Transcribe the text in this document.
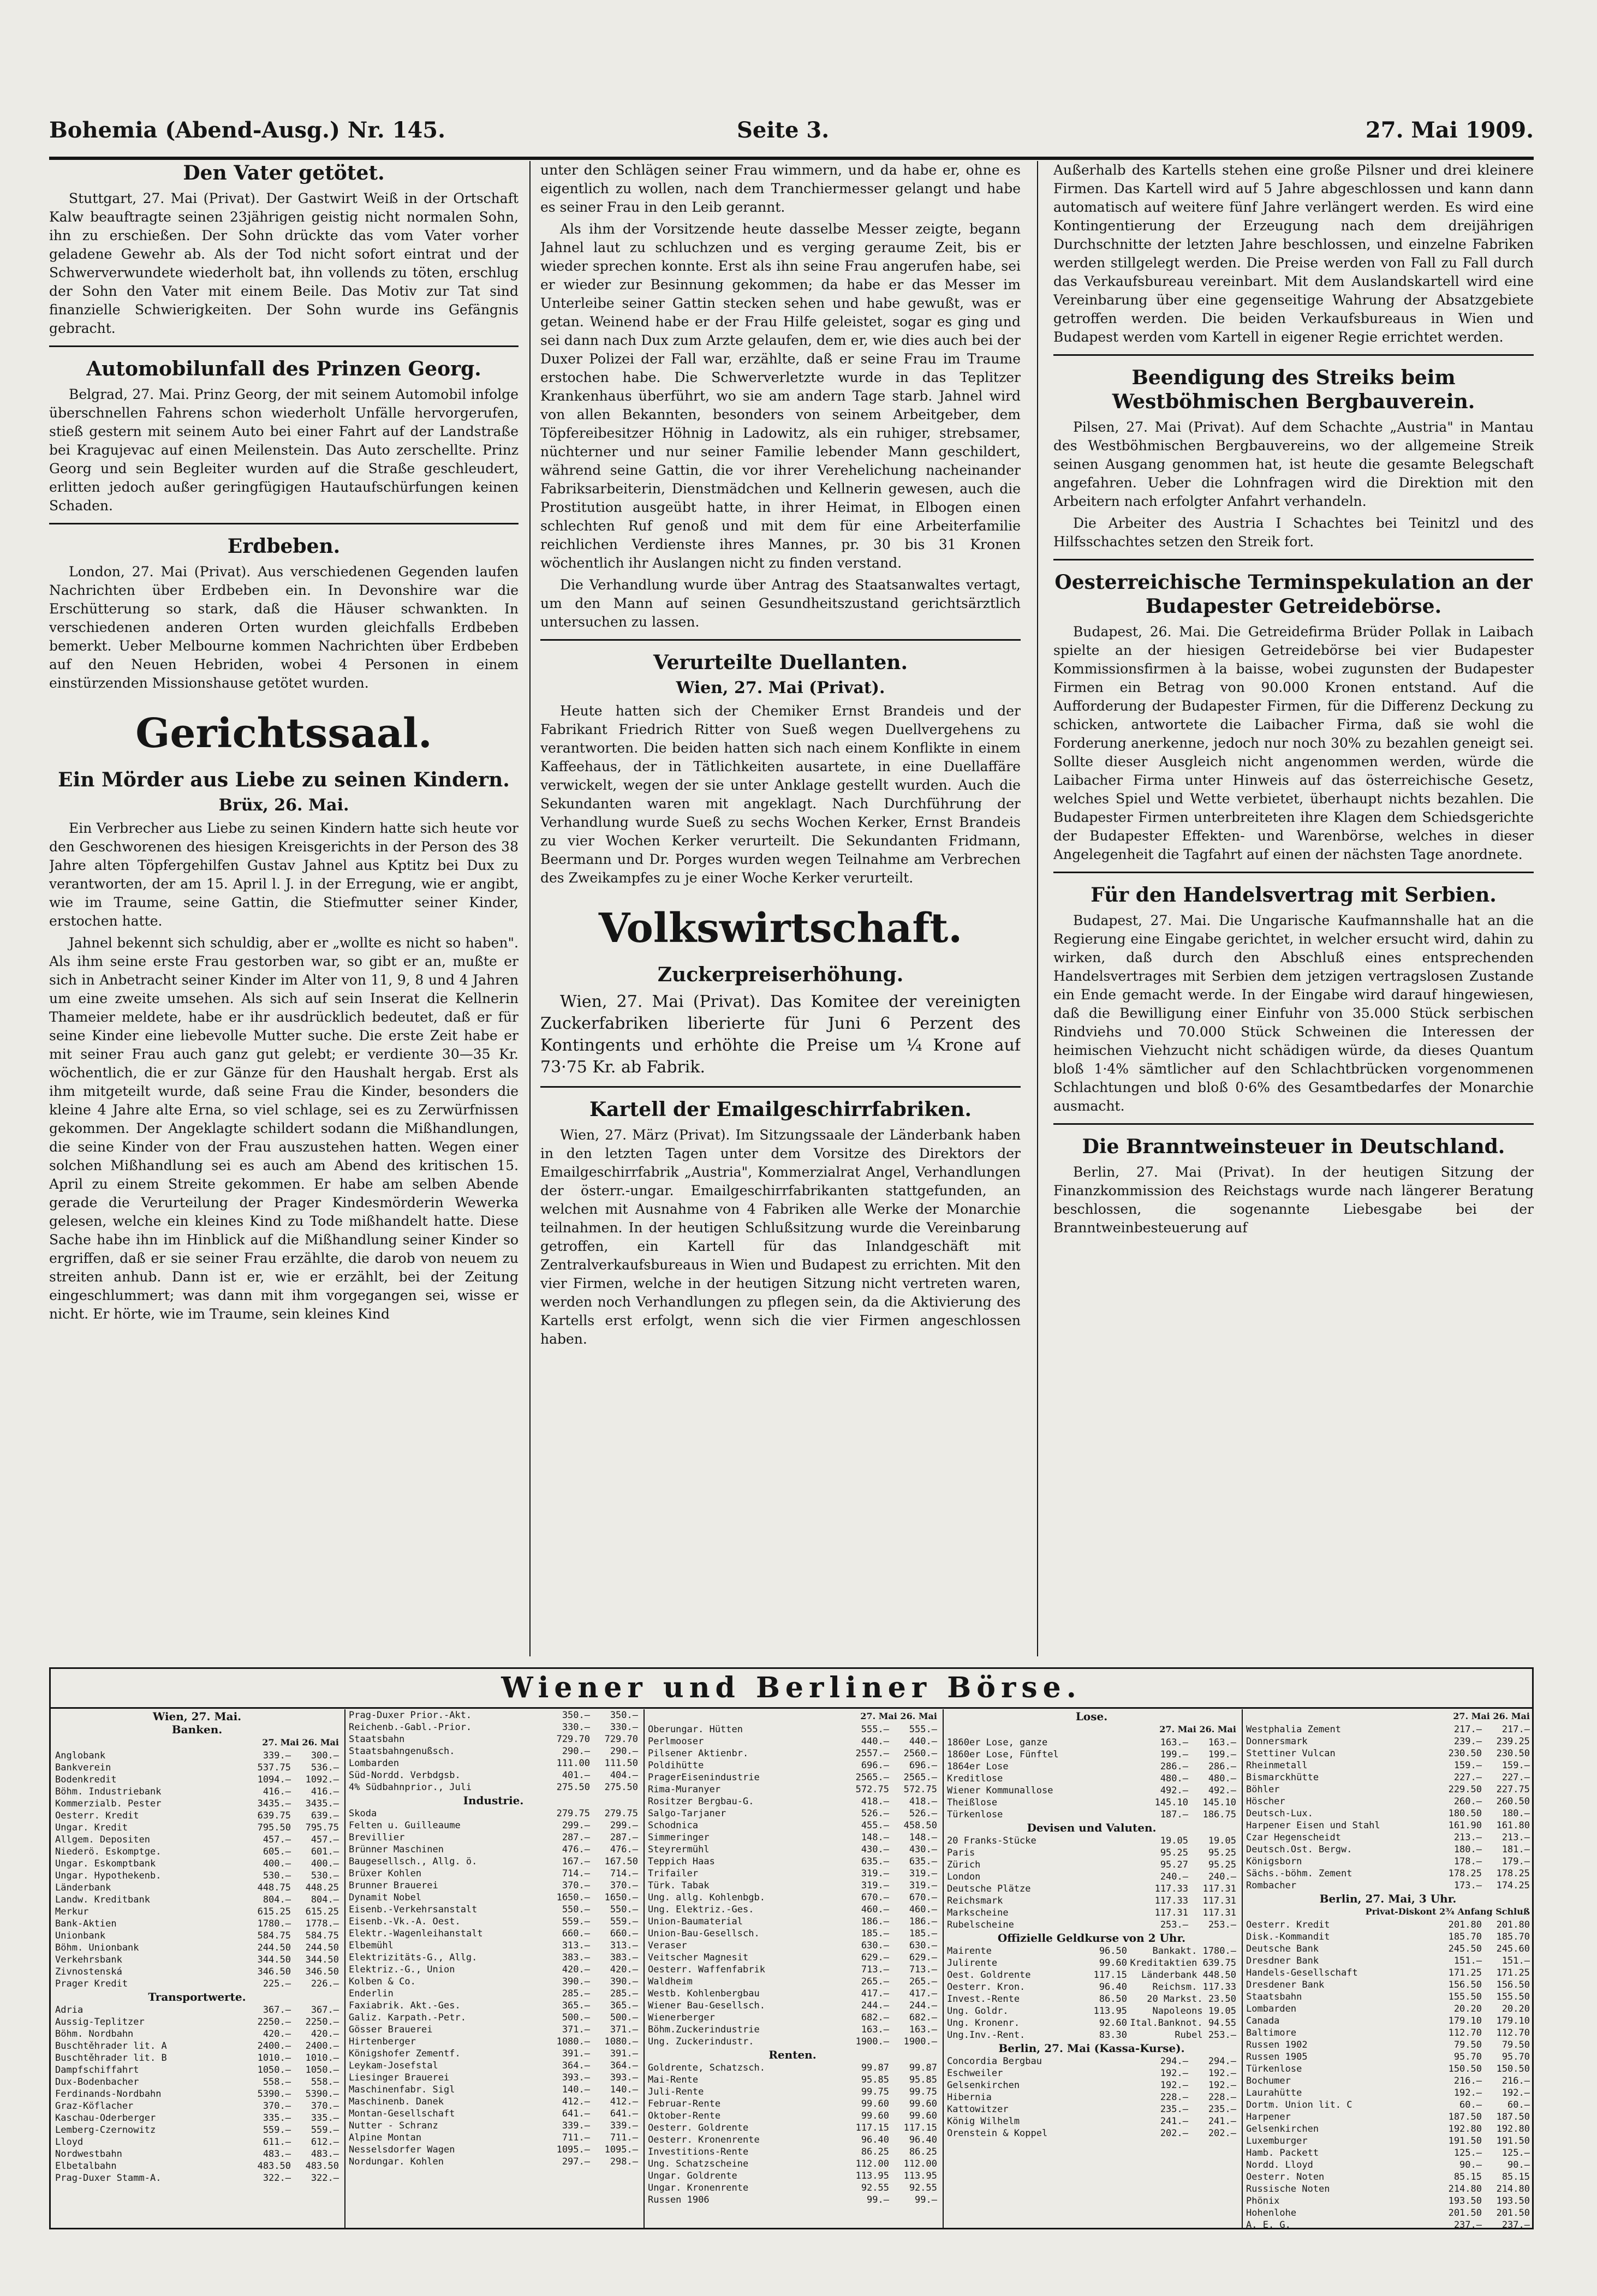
Bohemia (Abend-Ausg.) Nr. 145.	Seite 3.	27. Mai 1909.
Den Vater getötet.

Stuttgart, 27. Mai (Privat). Der Gastwirt Weiß in der Ortschaft Kalw beauftragte seinen 23jährigen geistig nicht normalen Sohn, ihn zu erschießen. Der Sohn drückte das vom Vater vorher geladene Gewehr ab. Als der Tod nicht sofort eintrat und der Schwerverwundete wiederholt bat, ihn vollends zu töten, erschlug der Sohn den Vater mit einem Beile. Das Motiv zur Tat sind finanzielle Schwierigkeiten. Der Sohn wurde ins Gefängnis gebracht.

Automobilunfall des Prinzen Georg.

Belgrad, 27. Mai. Prinz Georg, der mit seinem Automobil infolge überschnellen Fahrens schon wiederholt Unfälle hervorgerufen, stieß gestern mit seinem Auto bei einer Fahrt auf der Landstraße bei Kragujevac auf einen Meilenstein. Das Auto zerschellte. Prinz Georg und sein Begleiter wurden auf die Straße geschleudert, erlitten jedoch außer geringfügigen Hautaufschürfungen keinen Schaden.

Erdbeben.

London, 27. Mai (Privat). Aus verschiedenen Gegenden laufen Nachrichten über Erdbeben ein. In Devonshire war die Erschütterung so stark, daß die Häuser schwankten. In verschiedenen anderen Orten wurden gleichfalls Erdbeben bemerkt. Ueber Melbourne kommen Nachrichten über Erdbeben auf den Neuen Hebriden, wobei 4 Personen in einem einstürzenden Missionshause getötet wurden.

Gerichtssaal.
Ein Mörder aus Liebe zu seinen Kindern.
Brüx, 26. Mai.

Ein Verbrecher aus Liebe zu seinen Kindern hatte sich heute vor den Geschworenen des hiesigen Kreisgerichts in der Person des 38 Jahre alten Töpfergehilfen Gustav Jahnel aus Kptitz bei Dux zu verantworten, der am 15. April l. J. in der Erregung, wie er angibt, wie im Traume, seine Gattin, die Stiefmutter seiner Kinder, erstochen hatte.

Jahnel bekennt sich schuldig, aber er „wollte es nicht so haben". Als ihm seine erste Frau gestorben war, so gibt er an, mußte er sich in Anbetracht seiner Kinder im Alter von 11, 9, 8 und 4 Jahren um eine zweite umsehen. Als sich auf sein Inserat die Kellnerin Thameier meldete, habe er ihr ausdrücklich bedeutet, daß er für seine Kinder eine liebevolle Mutter suche. Die erste Zeit habe er mit seiner Frau auch ganz gut gelebt; er verdiente 30—35 Kr. wöchentlich, die er zur Gänze für den Haushalt hergab. Erst als ihm mitgeteilt wurde, daß seine Frau die Kinder, besonders die kleine 4 Jahre alte Erna, so viel schlage, sei es zu Zerwürfnissen gekommen. Der Angeklagte schildert sodann die Mißhandlungen, die seine Kinder von der Frau auszustehen hatten. Wegen einer solchen Mißhandlung sei es auch am Abend des kritischen 15. April zu einem Streite gekommen. Er habe am selben Abende gerade die Verurteilung der Prager Kindesmörderin Wewerka gelesen, welche ein kleines Kind zu Tode mißhandelt hatte. Diese Sache habe ihn im Hinblick auf die Mißhandlung seiner Kinder so ergriffen, daß er sie seiner Frau erzählte, die darob von neuem zu streiten anhub. Dann ist er, wie er erzählt, bei der Zeitung eingeschlummert; was dann mit ihm vorgegangen sei, wisse er nicht. Er hörte, wie im Traume, sein kleines Kind

unter den Schlägen seiner Frau wimmern, und da habe er, ohne es eigentlich zu wollen, nach dem Tranchiermesser gelangt und habe es seiner Frau in den Leib gerannt.

Als ihm der Vorsitzende heute dasselbe Messer zeigte, begann Jahnel laut zu schluchzen und es verging geraume Zeit, bis er wieder sprechen konnte. Erst als ihn seine Frau angerufen habe, sei er wieder zur Besinnung gekommen; da habe er das Messer im Unterleibe seiner Gattin stecken sehen und habe gewußt, was er getan. Weinend habe er der Frau Hilfe geleistet, sogar es ging und sei dann nach Dux zum Arzte gelaufen, dem er, wie dies auch bei der Duxer Polizei der Fall war, erzählte, daß er seine Frau im Traume erstochen habe. Die Schwerverletzte wurde in das Teplitzer Krankenhaus überführt, wo sie am andern Tage starb. Jahnel wird von allen Bekannten, besonders von seinem Arbeitgeber, dem Töpfereibesitzer Höhnig in Ladowitz, als ein ruhiger, strebsamer, nüchterner und nur seiner Familie lebender Mann geschildert, während seine Gattin, die vor ihrer Verehelichung nacheinander Fabriksarbeiterin, Dienstmädchen und Kellnerin gewesen, auch die Prostitution ausgeübt hatte, in ihrer Heimat, in Elbogen einen schlechten Ruf genoß und mit dem für eine Arbeiterfamilie reichlichen Verdienste ihres Mannes, pr. 30 bis 31 Kronen wöchentlich ihr Auslangen nicht zu finden verstand.

Die Verhandlung wurde über Antrag des Staatsanwaltes vertagt, um den Mann auf seinen Gesundheitszustand gerichtsärztlich untersuchen zu lassen.

Verurteilte Duellanten.
Wien, 27. Mai (Privat).

Heute hatten sich der Chemiker Ernst Brandeis und der Fabrikant Friedrich Ritter von Sueß wegen Duellvergehens zu verantworten. Die beiden hatten sich nach einem Konflikte in einem Kaffeehaus, der in Tätlichkeiten ausartete, in eine Duellaffäre verwickelt, wegen der sie unter Anklage gestellt wurden. Auch die Sekundanten waren mit angeklagt. Nach Durchführung der Verhandlung wurde Sueß zu sechs Wochen Kerker, Ernst Brandeis zu vier Wochen Kerker verurteilt. Die Sekundanten Fridmann, Beermann und Dr. Porges wurden wegen Teilnahme am Verbrechen des Zweikampfes zu je einer Woche Kerker verurteilt.

Volkswirtschaft.
Zuckerpreiserhöhung.

Wien, 27. Mai (Privat). Das Komitee der vereinigten Zuckerfabriken liberierte für Juni 6 Perzent des Kontingents und erhöhte die Preise um ¼ Krone auf 73·75 Kr. ab Fabrik.

Kartell der Emailgeschirrfabriken.

Wien, 27. März (Privat). Im Sitzungssaale der Länderbank haben in den letzten Tagen unter dem Vorsitze des Direktors der Emailgeschirrfabrik „Austria", Kommerzialrat Angel, Verhandlungen der österr.-ungar. Emailgeschirrfabrikanten stattgefunden, an welchen mit Ausnahme von 4 Fabriken alle Werke der Monarchie teilnahmen. In der heutigen Schlußsitzung wurde die Vereinbarung getroffen, ein Kartell für das Inlandgeschäft mit Zentralverkaufsbureaus in Wien und Budapest zu errichten. Mit den vier Firmen, welche in der heutigen Sitzung nicht vertreten waren, werden noch Verhandlungen zu pflegen sein, da die Aktivierung des Kartells erst erfolgt, wenn sich die vier Firmen angeschlossen haben.

Außerhalb des Kartells stehen eine große Pilsner und drei kleinere Firmen. Das Kartell wird auf 5 Jahre abgeschlossen und kann dann automatisch auf weitere fünf Jahre verlängert werden. Es wird eine Kontingentierung der Erzeugung nach dem dreijährigen Durchschnitte der letzten Jahre beschlossen, und einzelne Fabriken werden stillgelegt werden. Die Preise werden von Fall zu Fall durch das Verkaufsbureau vereinbart. Mit dem Auslandskartell wird eine Vereinbarung über eine gegenseitige Wahrung der Absatzgebiete getroffen werden. Die beiden Verkaufsbureaus in Wien und Budapest werden vom Kartell in eigener Regie errichtet werden.

Beendigung des Streiks beim Westböhmischen Bergbauverein.

Pilsen, 27. Mai (Privat). Auf dem Schachte „Austria" in Mantau des Westböhmischen Bergbauvereins, wo der allgemeine Streik seinen Ausgang genommen hat, ist heute die gesamte Belegschaft angefahren. Ueber die Lohnfragen wird die Direktion mit den Arbeitern nach erfolgter Anfahrt verhandeln.

Die Arbeiter des Austria I Schachtes bei Teinitzl und des Hilfsschachtes setzen den Streik fort.

Oesterreichische Terminspekulation an der Budapester Getreidebörse.

Budapest, 26. Mai. Die Getreidefirma Brüder Pollak in Laibach spielte an der hiesigen Getreidebörse bei vier Budapester Kommissionsfirmen à la baisse, wobei zugunsten der Budapester Firmen ein Betrag von 90.000 Kronen entstand. Auf die Aufforderung der Budapester Firmen, für die Differenz Deckung zu schicken, antwortete die Laibacher Firma, daß sie wohl die Forderung anerkenne, jedoch nur noch 30% zu bezahlen geneigt sei. Sollte dieser Ausgleich nicht angenommen werden, würde die Laibacher Firma unter Hinweis auf das österreichische Gesetz, welches Spiel und Wette verbietet, überhaupt nichts bezahlen. Die Budapester Firmen unterbreiteten ihre Klagen dem Schiedsgerichte der Budapester Effekten- und Warenbörse, welches in dieser Angelegenheit die Tagfahrt auf einen der nächsten Tage anordnete.

Für den Handelsvertrag mit Serbien.

Budapest, 27. Mai. Die Ungarische Kaufmannshalle hat an die Regierung eine Eingabe gerichtet, in welcher ersucht wird, dahin zu wirken, daß durch den Abschluß eines entsprechenden Handelsvertrages mit Serbien dem jetzigen vertragslosen Zustande ein Ende gemacht werde. In der Eingabe wird darauf hingewiesen, daß die Bewilligung einer Einfuhr von 35.000 Stück serbischen Rindviehs und 70.000 Stück Schweinen die Interessen der heimischen Viehzucht nicht schädigen würde, da dieses Quantum bloß 1·4% sämtlicher auf den Schlachtbrücken vorgenommenen Schlachtungen und bloß 0·6% des Gesamtbedarfes der Monarchie ausmacht.

Die Branntweinsteuer in Deutschland.

Berlin, 27. Mai (Privat). In der heutigen Sitzung der Finanzkommission des Reichstags wurde nach längerer Beratung beschlossen, die sogenannte Liebesgabe bei der Branntweinbesteuerung auf

Wiener und Berliner Börse.
Wien, 27. Mai.
Banken.
27. Mai 26. Mai
Anglobank	339.—	300.—
Bankverein	537.75	536.—
Bodenkredit	1094.—	1092.—
Böhm. Industriebank	416.—	416.—
Kommerzialb. Pester	3435.—	3435.—
Oesterr. Kredit	639.75	639.—
Ungar. Kredit	795.50	795.75
Allgem. Depositen	457.—	457.—
Niederö. Eskomptge.	605.—	601.—
Ungar. Eskomptbank	400.—	400.—
Ungar. Hypothekenb.	530.—	530.—
Länderbank	448.75	448.25
Landw. Kreditbank	804.—	804.—
Merkur	615.25	615.25
Bank-Aktien	1780.—	1778.—
Unionbank	584.75	584.75
Böhm. Unionbank	244.50	244.50
Verkehrsbank	344.50	344.50
Zivnostenská	346.50	346.50
Prager Kredit	225.—	226.—
Transportwerte.
Adria	367.—	367.—
Aussig-Teplitzer	2250.—	2250.—
Böhm. Nordbahn	420.—	420.—
Buschtěhrader lit. A	2400.—	2400.—
Buschtěhrader lit. B	1010.—	1010.—
Dampfschiffahrt	1050.—	1050.—
Dux-Bodenbacher	558.—	558.—
Ferdinands-Nordbahn	5390.—	5390.—
Graz-Köflacher	370.—	370.—
Kaschau-Oderberger	335.—	335.—
Lemberg-Czernowitz	559.—	559.—
Lloyd	611.—	612.—
Nordwestbahn	483.—	483.—
Elbetalbahn	483.50	483.50
Prag-Duxer Stamm-A.	322.—	322.—
Prag-Duxer Prior.-Akt.	350.—	350.—
Reichenb.-Gabl.-Prior.	330.—	330.—
Staatsbahn	729.70	729.70
Staatsbahngenußsch.	290.—	290.—
Lombarden	111.00	111.50
Süd-Nordd. Verbdgsb.	401.—	404.—
4% Südbahnprior., Juli	275.50	275.50
Industrie.
Skoda	279.75	279.75
Felten u. Guilleaume	299.—	299.—
Brevillier	287.—	287.—
Brünner Maschinen	476.—	476.—
Baugesellsch., Allg. ö.	167.—	167.50
Brüxer Kohlen	714.—	714.—
Brunner Brauerei	370.—	370.—
Dynamit Nobel	1650.—	1650.—
Eisenb.-Verkehrsanstalt	550.—	550.—
Eisenb.-Vk.-A. Oest.	559.—	559.—
Elektr.-Wagenleihanstalt	660.—	660.—
Elbemühl	313.—	313.—
Elektrizitäts-G., Allg.	383.—	383.—
Elektriz.-G., Union	420.—	420.—
Kolben & Co.	390.—	390.—
Enderlin	285.—	285.—
Faxiabrik. Akt.-Ges.	365.—	365.—
Galiz. Karpath.-Petr.	500.—	500.—
Gösser Brauerei	371.—	371.—
Hirtenberger	1080.—	1080.—
Königshofer Zementf.	391.—	391.—
Leykam-Josefstal	364.—	364.—
Liesinger Brauerei	393.—	393.—
Maschinenfabr. Sigl	140.—	140.—
Maschinenb. Danek	412.—	412.—
Montan-Gesellschaft	641.—	641.—
Nutter - Schranz	339.—	339.—
Alpine Montan	711.—	711.—
Nesselsdorfer Wagen	1095.—	1095.—
Nordungar. Kohlen	297.—	298.—
27. Mai 26. Mai
Oberungar. Hütten	555.—	555.—
Perlmooser	440.—	440.—
Pilsener Aktienbr.	2557.—	2560.—
Poldihütte	696.—	696.—
PragerEisenindustrie	2565.—	2565.—
Rima-Muranyer	572.75	572.75
Rositzer Bergbau-G.	418.—	418.—
Salgo-Tarjaner	526.—	526.—
Schodnica	455.—	458.50
Simmeringer	148.—	148.—
Steyrermühl	430.—	430.—
Teppich Haas	635.—	635.—
Trifailer	319.—	319.—
Türk. Tabak	319.—	319.—
Ung. allg. Kohlenbgb.	670.—	670.—
Ung. Elektriz.-Ges.	460.—	460.—
Union-Baumaterial	186.—	186.—
Union-Bau-Gesellsch.	185.—	185.—
Veraser	630.—	630.—
Veitscher Magnesit	629.—	629.—
Oesterr. Waffenfabrik	713.—	713.—
Waldheim	265.—	265.—
Westb. Kohlenbergbau	417.—	417.—
Wiener Bau-Gesellsch.	244.—	244.—
Wienerberger	682.—	682.—
Böhm.Zuckerindustrie	163.—	163.—
Ung. Zuckerindustr.	1900.—	1900.—
Renten.
Goldrente, Schatzsch.	99.87	99.87
Mai-Rente	95.85	95.85
Juli-Rente	99.75	99.75
Februar-Rente	99.60	99.60
Oktober-Rente	99.60	99.60
Oesterr. Goldrente	117.15	117.15
Oesterr. Kronenrente	96.40	96.40
Investitions-Rente	86.25	86.25
Ung. Schatzscheine	112.00	112.00
Ungar. Goldrente	113.95	113.95
Ungar. Kronenrente	92.55	92.55
Russen 1906	99.—	99.—
Lose.
27. Mai 26. Mai
1860er Lose, ganze	163.—	163.—
1860er Lose, Fünftel	199.—	199.—
1864er Lose	286.—	286.—
Kreditlose	480.—	480.—
Wiener Kommunallose	492.—	492.—
Theißlose	145.10	145.10
Türkenlose	187.—	186.75
Devisen und Valuten.
20 Franks-Stücke	19.05	19.05
Paris	95.25	95.25
Zürich	95.27	95.25
London	240.—	240.—
Deutsche Plätze	117.33	117.31
Reichsmark	117.33	117.31
Markscheine	117.31	117.31
Rubelscheine	253.—	253.—
Offizielle Geldkurse von 2 Uhr.
Mairente	96.50	Bankakt. 1780.—
Julirente	99.60 Kreditaktien 639.75
Oest. Goldrente	117.15	Länderbank 448.50
Oesterr. Kron.	96.40	Reichsm. 117.33
Invest.-Rente	86.50	20 Markst. 23.50
Ung. Goldr.	113.95	Napoleons 19.05
Ung. Kronenr.	92.60 Ital.Banknot. 94.55
Ung.Inv.-Rent.	83.30	Rubel 253.—
Berlin, 27. Mai (Kassa-Kurse).
Concordia Bergbau	294.—	294.—
Eschweiler	192.—	192.—
Gelsenkirchen	192.—	192.—
Hibernia	228.—	228.—
Kattowitzer	235.—	235.—
König Wilhelm	241.—	241.—
Orenstein & Koppel	202.—	202.—
27. Mai 26. Mai
Westphalia Zement	217.—	217.—
Donnersmark	239.—	239.25
Stettiner Vulcan	230.50	230.50
Rheinmetall	159.—	159.—
Bismarckhütte	227.—	227.—
Böhler	229.50	227.75
Höscher	260.—	260.50
Deutsch-Lux.	180.50	180.—
Harpener Eisen und Stahl	161.90	161.80
Czar Hegenscheidt	213.—	213.—
Deutsch.Ost. Bergw.	180.—	181.—
Königsborn	178.—	179.—
Sächs.-böhm. Zement	178.25	178.25
Rombacher	173.—	174.25
Berlin, 27. Mai, 3 Uhr.
Privat-Diskont 2¾ Anfang Schluß
Oesterr. Kredit	201.80	201.80
Disk.-Kommandit	185.70	185.70
Deutsche Bank	245.50	245.60
Dresdner Bank	151.—	151.—
Handels-Gesellschaft	171.25	171.25
Dresdener Bank	156.50	156.50
Staatsbahn	155.50	155.50
Lombarden	20.20	20.20
Canada	179.10	179.10
Baltimore	112.70	112.70
Russen 1902	79.50	79.50
Russen 1905	95.70	95.70
Türkenlose	150.50	150.50
Bochumer	216.—	216.—
Laurahütte	192.—	192.—
Dortm. Union lit. C	60.—	60.—
Harpener	187.50	187.50
Gelsenkirchen	192.80	192.80
Luxemburger	191.50	191.50
Hamb. Packett	125.—	125.—
Nordd. Lloyd	90.—	90.—
Oesterr. Noten	85.15	85.15
Russische Noten	214.80	214.80
Phönix	193.50	193.50
Hohenlohe	201.50	201.50
A. E. G.	237.—	237.—
